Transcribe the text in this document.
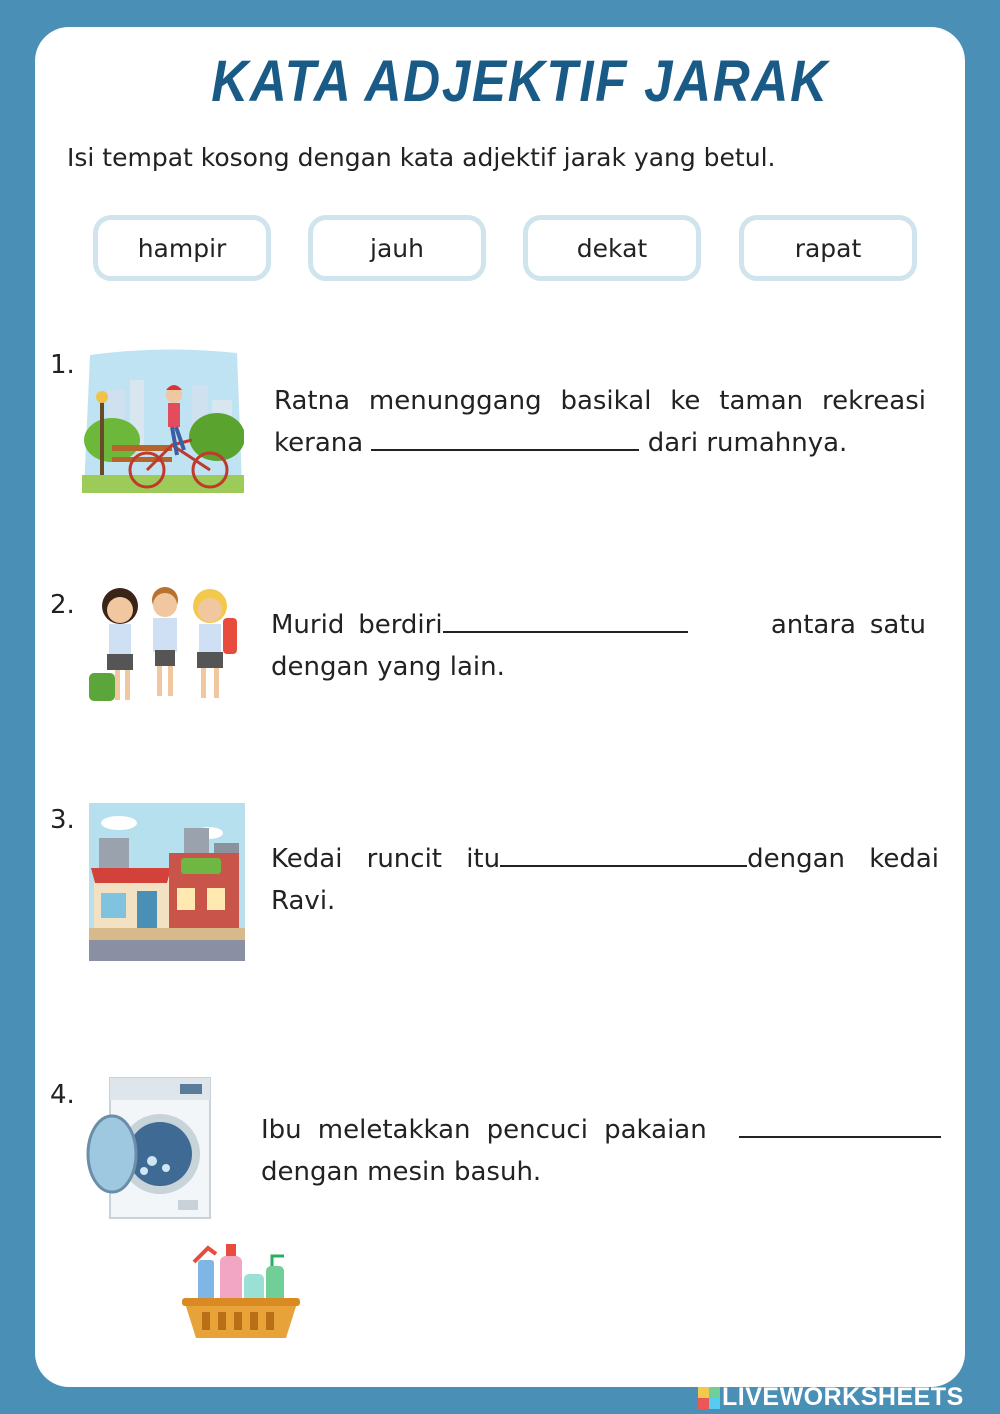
KATA ADJEKTIF JARAK
Isi tempat kosong dengan kata adjektif jarak yang betul.
hampir	jauh	dekat	rapat
1.
Ratna menunggang basikal ke taman rekreasi kerana	dari rumahnya.
2.
Murid berdiri	antara satu dengan yang lain.
3.
Kedai runcit itu	dengan kedai Ravi.
4.
Ibu meletakkan pencuci pakaian   dengan mesin basuh.
LIVEWORKSHEETS
